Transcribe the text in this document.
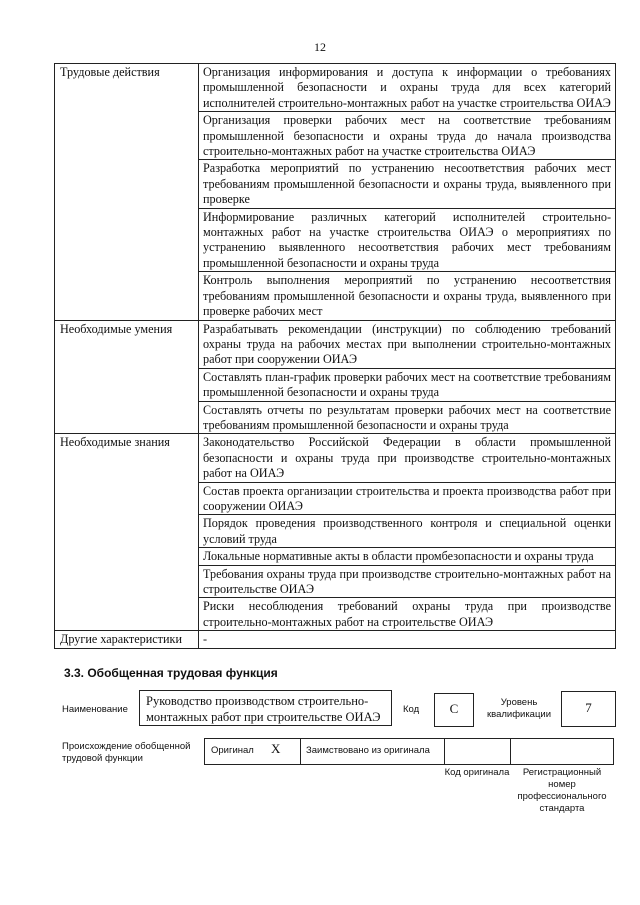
12
Трудовые действия	Организация информирования и доступа к информации о требованиях промышленной безопасности и охраны труда для всех категорий исполнителей строительно-монтажных работ на участке строительства ОИАЭ
	Организация проверки рабочих мест на соответствие требованиям промышленной безопасности и охраны труда до начала производства строительно-монтажных работ на участке строительства ОИАЭ
	Разработка мероприятий по устранению несоответствия рабочих мест требованиям промышленной безопасности и охраны труда, выявленного при проверке
	Информирование различных категорий исполнителей строительно-монтажных работ на участке строительства ОИАЭ о мероприятиях по устранению выявленного несоответствия рабочих мест требованиям промышленной безопасности и охраны труда
	Контроль выполнения мероприятий по устранению несоответствия требованиям промышленной безопасности и охраны труда, выявленного при проверке рабочих мест
Необходимые умения	Разрабатывать рекомендации (инструкции) по соблюдению требований охраны труда на рабочих местах при выполнении строительно-монтажных работ при сооружении ОИАЭ
	Составлять план-график проверки рабочих мест на соответствие требованиям промышленной безопасности и охраны труда
	Составлять отчеты по результатам проверки рабочих мест на соответствие требованиям промышленной безопасности и охраны труда
Необходимые знания	Законодательство Российской Федерации в области промышленной безопасности и охраны труда при производстве строительно-монтажных работ на ОИАЭ
	Состав проекта организации строительства и проекта производства работ при сооружении ОИАЭ
	Порядок проведения производственного контроля и специальной оценки условий труда
	Локальные нормативные акты в области промбезопасности и охраны труда
	Требования охраны труда при производстве строительно-монтажных работ на строительстве ОИАЭ
	Риски несоблюдения требований охраны труда при производстве строительно-монтажных работ на строительстве ОИАЭ
Другие характеристики	-
3.3. Обобщенная трудовая функция
Наименование
Руководство производством строительно-монтажных работ при строительстве ОИАЭ
Код	C	Уровень квалификации	7
Происхождение обобщенной трудовой функции
Оригинал X	Заимствовано из оригинала
Код оригинала	Регистрационный номер профессионального стандарта
